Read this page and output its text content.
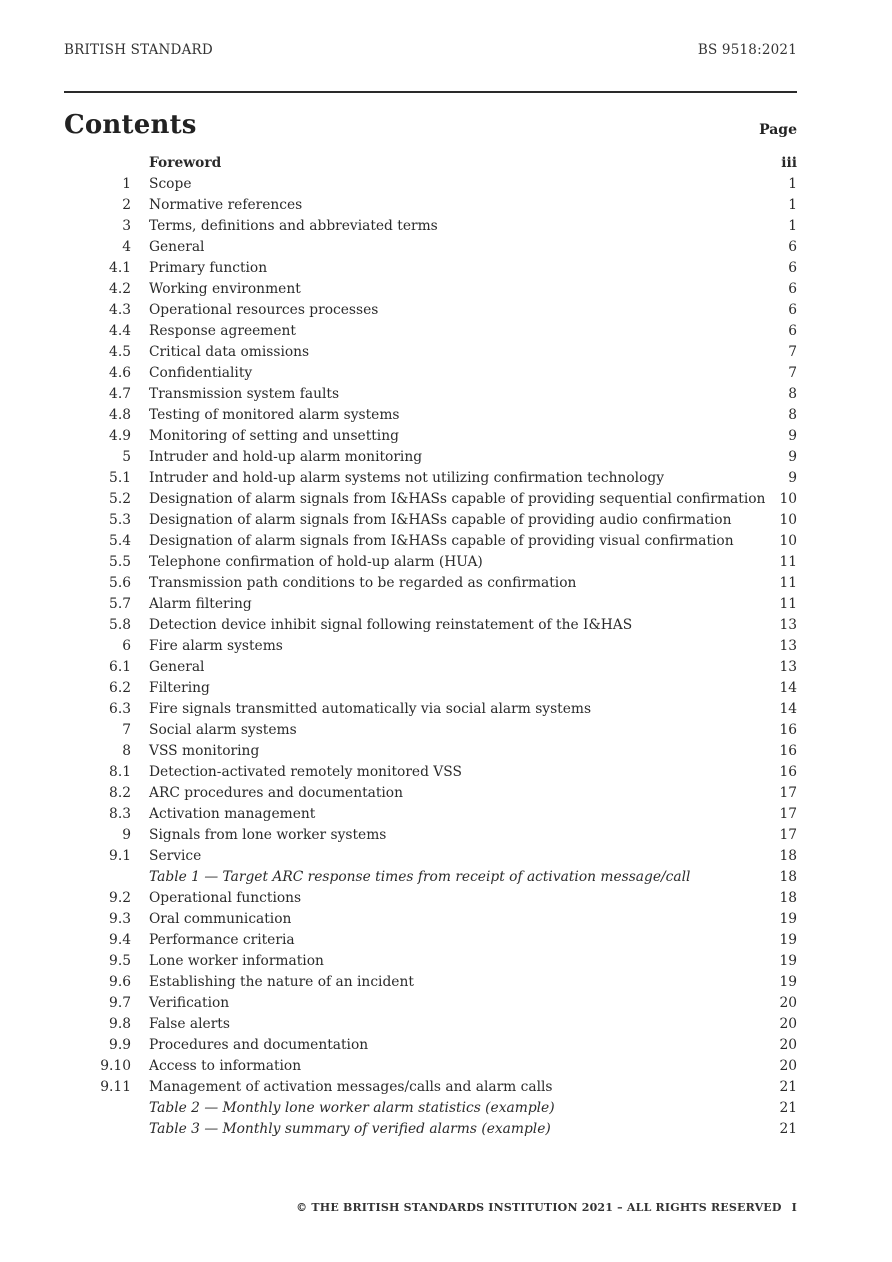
BRITISH STANDARD	BS 9518:2021
Contents	Page
Foreword	iii
1 Scope	1
2 Normative references	1
3 Terms, definitions and abbreviated terms	1
4 General	6
4.1 Primary function	6
4.2 Working environment	6
4.3 Operational resources processes	6
4.4 Response agreement	6
4.5 Critical data omissions	7
4.6 Confidentiality	7
4.7 Transmission system faults	8
4.8 Testing of monitored alarm systems	8
4.9 Monitoring of setting and unsetting	9
5 Intruder and hold-up alarm monitoring	9
5.1 Intruder and hold-up alarm systems not utilizing confirmation technology	9
5.2 Designation of alarm signals from I&HASs capable of providing sequential confirmation 10
5.3 Designation of alarm signals from I&HASs capable of providing audio confirmation	10
5.4 Designation of alarm signals from I&HASs capable of providing visual confirmation	10
5.5 Telephone confirmation of hold-up alarm (HUA)	11
5.6 Transmission path conditions to be regarded as confirmation	11
5.7 Alarm filtering	11
5.8 Detection device inhibit signal following reinstatement of the I&HAS	13
6 Fire alarm systems	13
6.1 General	13
6.2 Filtering	14
6.3 Fire signals transmitted automatically via social alarm systems	14
7 Social alarm systems	16
8 VSS monitoring	16
8.1 Detection-activated remotely monitored VSS	16
8.2 ARC procedures and documentation	17
8.3 Activation management	17
9 Signals from lone worker systems	17
9.1 Service	18
Table 1 — Target ARC response times from receipt of activation message/call	18
9.2 Operational functions	18
9.3 Oral communication	19
9.4 Performance criteria	19
9.5 Lone worker information	19
9.6 Establishing the nature of an incident	19
9.7 Verification	20
9.8 False alerts	20
9.9 Procedures and documentation	20
9.10 Access to information	20
9.11 Management of activation messages/calls and alarm calls	21
Table 2 — Monthly lone worker alarm statistics (example)	21
Table 3 — Monthly summary of verified alarms (example)	21
© THE BRITISH STANDARDS INSTITUTION 2021 – ALL RIGHTS RESERVED I
